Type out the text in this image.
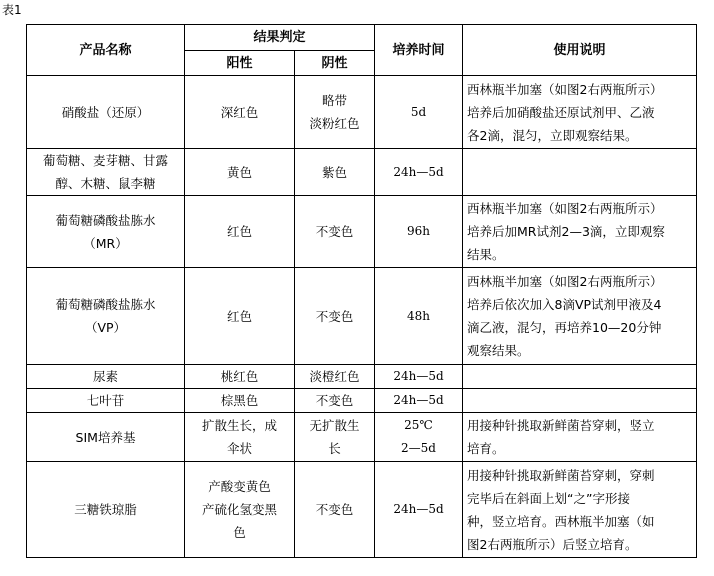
表1
产品名称	结果判定		培养时间	使用说明
	阳性	阴性		

硝酸盐（还原）	深红色	略带
淡粉红色	5d	西林瓶半加塞（如图2右两瓶所示）
培养后加硝酸盐还原试剂甲、乙液
各2滴，混匀，立即观察结果。

葡萄糖、麦芽糖、甘露
醇、木糖、鼠李糖	黄色	紫色	24h—5d	

葡萄糖磷酸盐胨水
（MR）	红色	不变色	96h	西林瓶半加塞（如图2右两瓶所示）
培养后加MR试剂2—3滴，立即观察
结果。

葡萄糖磷酸盐胨水
（VP）	红色	不变色	48h	西林瓶半加塞（如图2右两瓶所示）
培养后依次加入8滴VP试剂甲液及4
滴乙液，混匀，再培养10—20分钟
观察结果。

尿素	桃红色	淡橙红色	24h—5d	

七叶苷	棕黑色	不变色	24h—5d	

SIM培养基	扩散生长，成
伞状	无扩散生
长	25℃
2—5d	用接种针挑取新鲜菌苔穿刺，竖立
培育。

三糖铁琼脂	产酸变黄色
产硫化氢变黑
色	不变色	24h—5d	用接种针挑取新鲜菌苔穿刺，穿刺
完毕后在斜面上划“之”字形接
种，竖立培育。西林瓶半加塞（如
图2右两瓶所示）后竖立培育。
